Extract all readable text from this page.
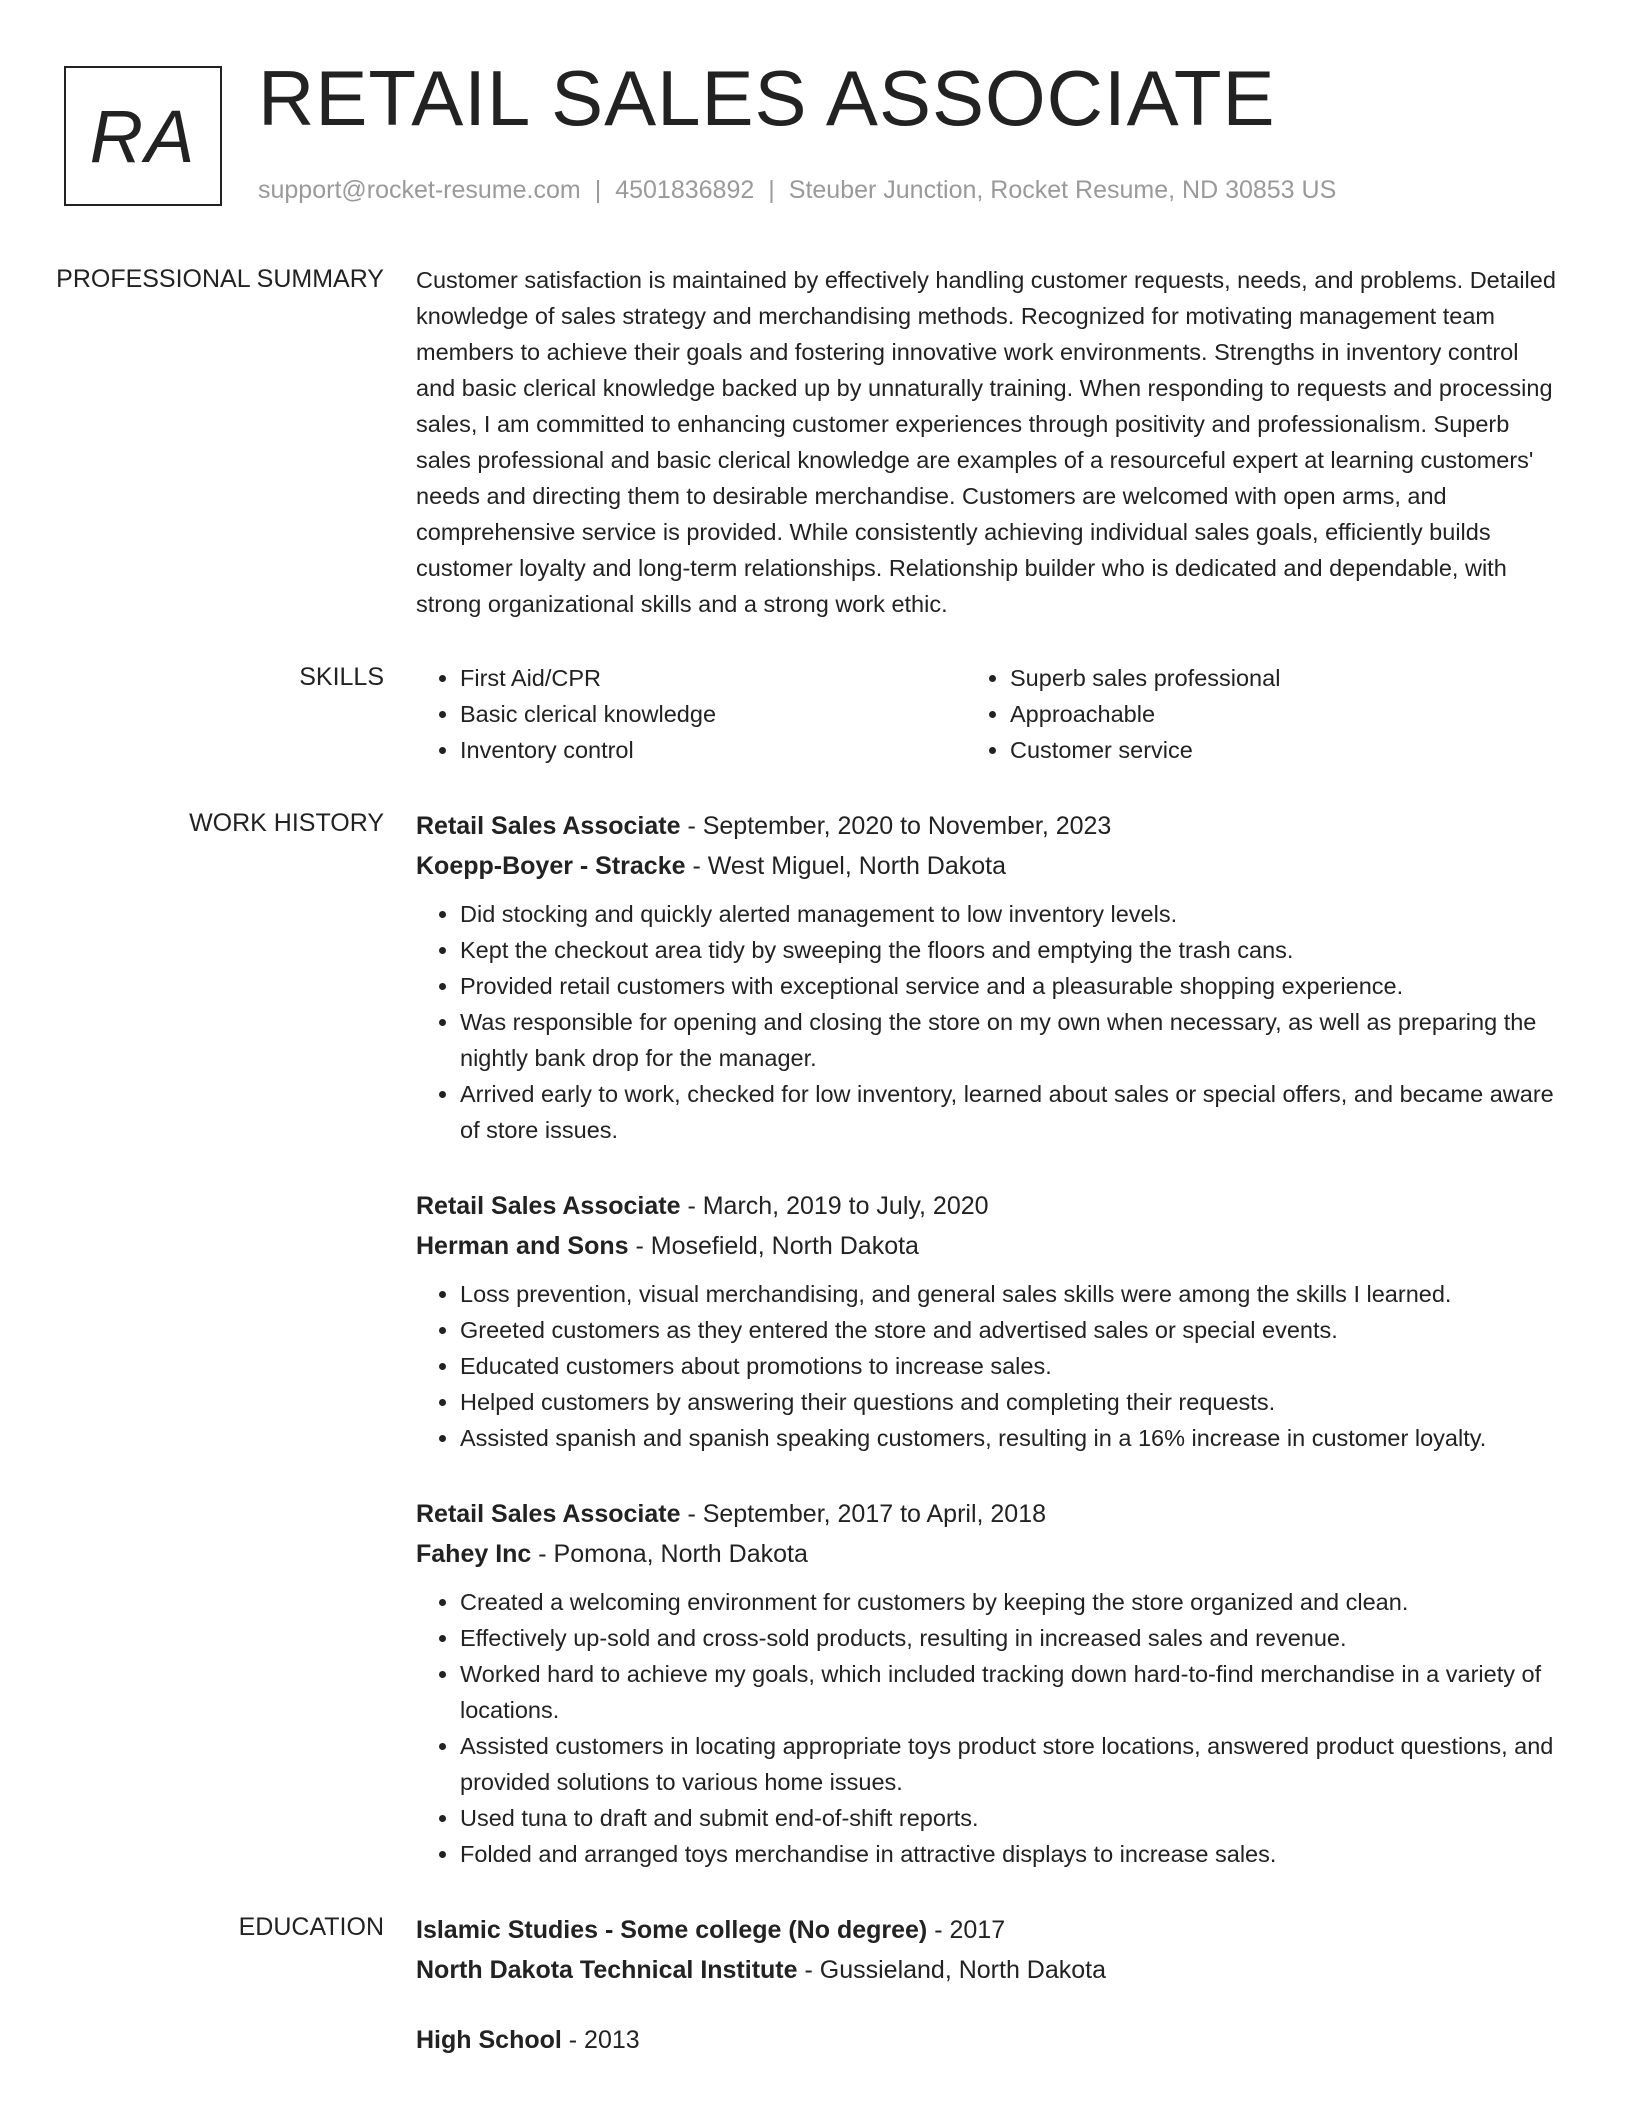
RA RETAIL SALES ASSOCIATE
support@rocket-resume.com | 4501836892 | Steuber Junction, Rocket Resume, ND 30853 US
PROFESSIONAL SUMMARY	Customer satisfaction is maintained by effectively handling customer requests, needs, and problems. Detailed knowledge of sales strategy and merchandising methods. Recognized for motivating management team members to achieve their goals and fostering innovative work environments. Strengths in inventory control and basic clerical knowledge backed up by unnaturally training. When responding to requests and processing sales, I am committed to enhancing customer experiences through positivity and professionalism. Superb sales professional and basic clerical knowledge are examples of a resourceful expert at learning customers' needs and directing them to desirable merchandise. Customers are welcomed with open arms, and comprehensive service is provided. While consistently achieving individual sales goals, efficiently builds customer loyalty and long-term relationships. Relationship builder who is dedicated and dependable, with strong organizational skills and a strong work ethic.

SKILLS
•	First Aid/CPR
• Basic clerical knowledge
• Inventory control
• Superb sales professional
• Approachable
• Customer service
WORK HISTORY	Retail Sales Associate - September, 2020 to November, 2023
Koepp-Boyer - Stracke - West Miguel, North Dakota
• Did stocking and quickly alerted management to low inventory levels.
• Kept the checkout area tidy by sweeping the floors and emptying the trash cans.
• Provided retail customers with exceptional service and a pleasurable shopping experience.
• Was responsible for opening and closing the store on my own when necessary, as well as preparing the nightly bank drop for the manager.
• Arrived early to work, checked for low inventory, learned about sales or special offers, and became aware of store issues.
Retail Sales Associate - March, 2019 to July, 2020
Herman and Sons - Mosefield, North Dakota
• Loss prevention, visual merchandising, and general sales skills were among the skills I learned.
• Greeted customers as they entered the store and advertised sales or special events.
• Educated customers about promotions to increase sales.
• Helped customers by answering their questions and completing their requests.
• Assisted spanish and spanish speaking customers, resulting in a 16% increase in customer loyalty.
Retail Sales Associate - September, 2017 to April, 2018
Fahey Inc - Pomona, North Dakota
• Created a welcoming environment for customers by keeping the store organized and clean.
• Effectively up-sold and cross-sold products, resulting in increased sales and revenue.
• Worked hard to achieve my goals, which included tracking down hard-to-find merchandise in a variety of locations.
• Assisted customers in locating appropriate toys product store locations, answered product questions, and provided solutions to various home issues.
• Used tuna to draft and submit end-of-shift reports.
• Folded and arranged toys merchandise in attractive displays to increase sales.
EDUCATION	Islamic Studies - Some college (No degree) - 2017
North Dakota Technical Institute - Gussieland, North Dakota
High School - 2013
